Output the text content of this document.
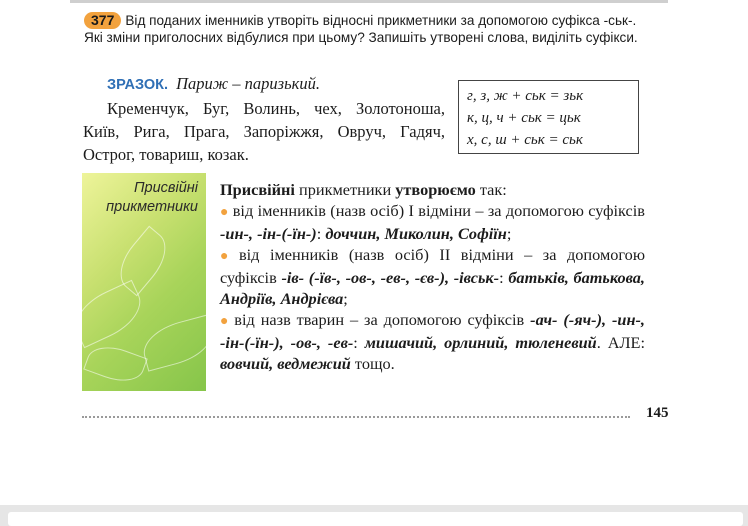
377 Від поданих іменників утворіть відносні прикметники за допомогою суфікса -ськ-. Які зміни приголосних відбулися при цьому? Запишіть утворені слова, виділіть суфікси.
ЗРАЗОК. Париж – паризький.
Кременчук, Буг, Волинь, чех, Золотоноша, Київ, Рига, Прага, Запоріжжя, Овруч, Гадяч, Острог, товариш, козак.
г, з, ж + ськ = зьк
к, ц, ч + ськ = цьк
х, с, ш + ськ = ськ
Присвійні
прикметники

Присвійні прикметники утворюємо так:

● від іменників (назв осіб) I відміни – за допомогою суфіксів -ин-, -ін-(-їн-): доччин, Миколин, Софіїн;

● від іменників (назв осіб) II відміни – за допомогою суфіксів -ів- (-їв-, -ов-, -ев-, -єв-), -івськ-: батьків, батькова, Андріїв, Андрієва;

● від назв тварин – за допомогою суфіксів -ач- (-яч-), -ин-, -ін-(-їн-), -ов-, -ев-: мишачий, орлиний, тюленевий. АЛЕ: вовчий, ведмежий тощо.

145
